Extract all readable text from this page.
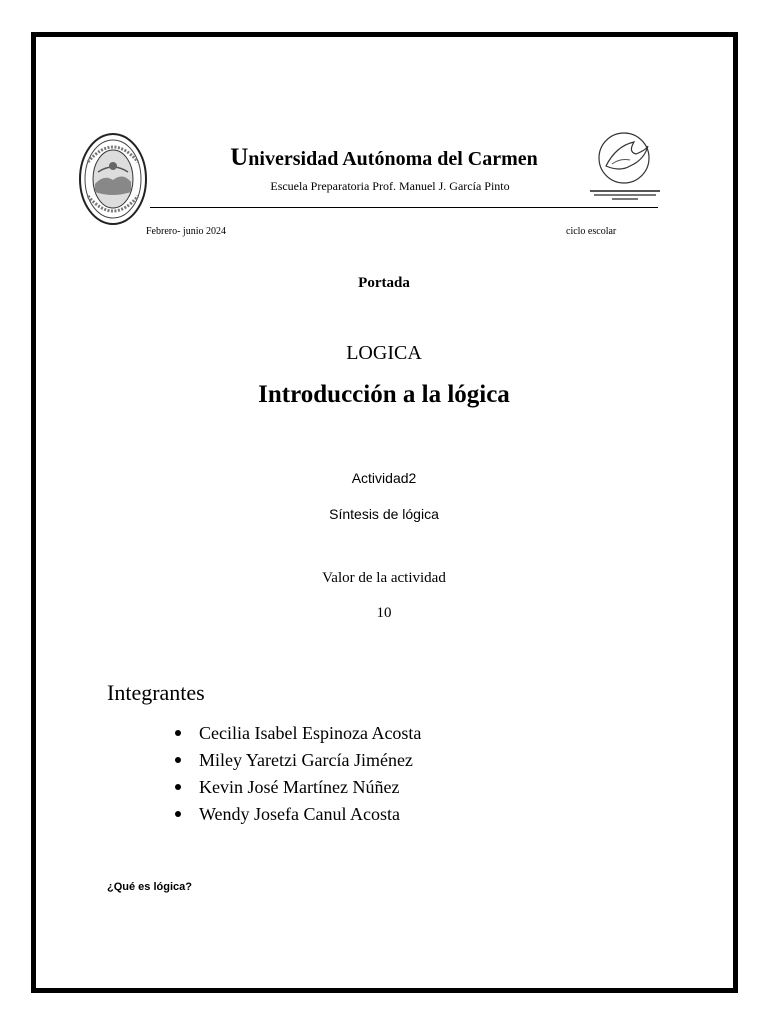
Universidad Autónoma del Carmen
Escuela Preparatoria Prof. Manuel J. García Pinto
Febrero- junio 2024	ciclo escolar
Portada
LOGICA
Introducción a la lógica
Actividad2
Síntesis de lógica
Valor de la actividad
10
Integrantes
Cecilia Isabel Espinoza Acosta
Miley Yaretzi García Jiménez
Kevin José Martínez Núñez
Wendy Josefa Canul Acosta
¿Qué es lógica?
